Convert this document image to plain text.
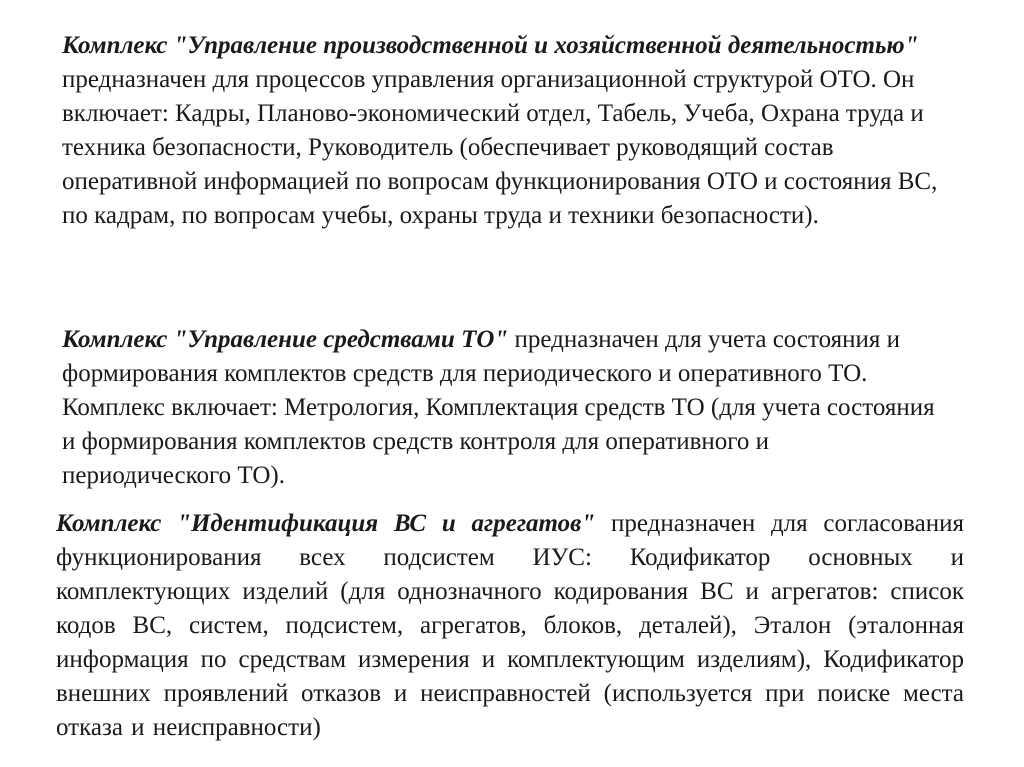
Комплекс "Управление производственной и хозяйственной деятельностью" предназначен для процессов управления организационной структурой ОТО. Он включает: Кадры, Планово-экономический отдел, Табель, Учеба, Охрана труда и техника безопасности, Руководитель (обеспечивает руководящий состав оперативной информацией по вопросам функционирования ОТО и состояния ВС, по кадрам, по вопросам учебы, охраны труда и техники безопасности).

Комплекс "Управление средствами ТО" предназначен для учета состояния и формирования комплектов средств для периодического и оперативного ТО. Комплекс включает: Метрология, Комплектация средств ТО (для учета состояния и формирования комплектов средств контроля для оперативного и периодического ТО).

Комплекс "Идентификация ВС и агрегатов" предназначен для согласования функционирования всех подсистем ИУС: Кодификатор основных и комплектующих изделий (для однозначного кодирования ВС и агрегатов: список кодов ВС, систем, подсистем, агрегатов, блоков, деталей), Эталон (эталонная информация по средствам измерения и комплектующим изделиям), Кодификатор внешних проявлений отказов и неисправностей (используется при поиске места отказа и неисправности)
